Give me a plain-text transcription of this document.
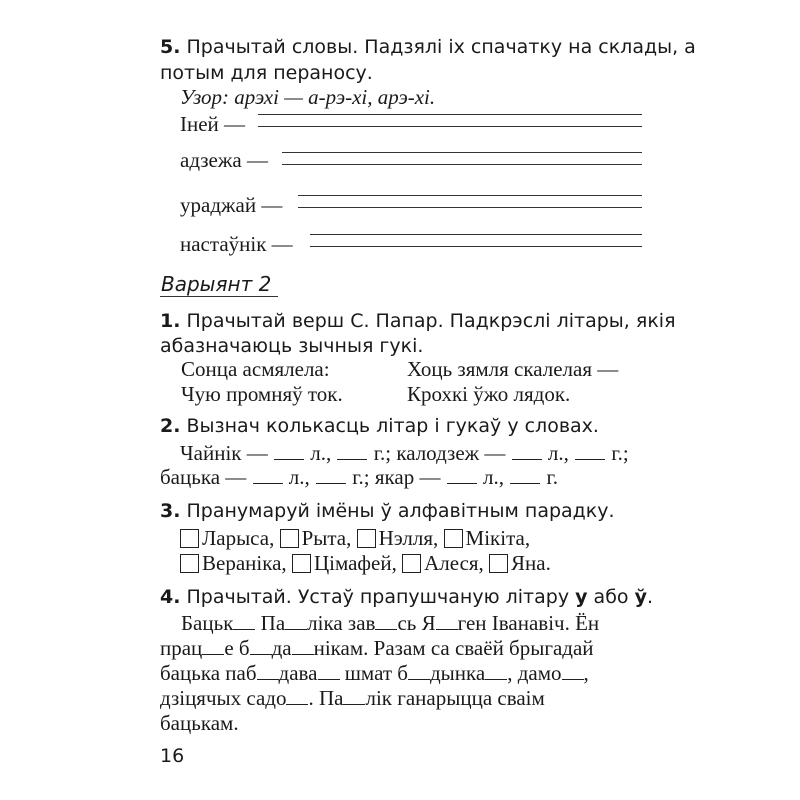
5. Прачытай словы. Падзялі іх спачатку на склады, а
потым для пераносу.
Узор: арэхі — а-рэ-хі, арэ-хі.
Іней —
адзежа —
ураджай —
настаўнік —
Варыянт 2
1. Прачытай верш С. Папар. Падкрэслі літары, якія
абазначаюць зычныя гукі.
Сонца асмялела:	Хоць зямля скалелая —
Чую промняў ток.	Крохкі ўжо лядок.
2. Вызнач колькасць літар і гукаў у словах.
Чайнік — л., г.; калодзеж — л., г.;
бацька — л., г.; якар — л., г.
3. Пранумаруй імёны ў алфавітным парадку.
Ларыса, Рыта, Нэлля, Мікіта,
Вераніка, Цімафей, Алеся, Яна.
4. Прачытай. Устаў прапушчаную літару у або ў.
Бацьк Па ліка зав сь Я ген Іванавіч. Ён
прац е б да нікам. Разам са сваёй брыгадай
бацька паб дава шмат б дынка , дамо ,
дзіцячых садо . Па лік ганарыцца сваім
бацькам.
16
